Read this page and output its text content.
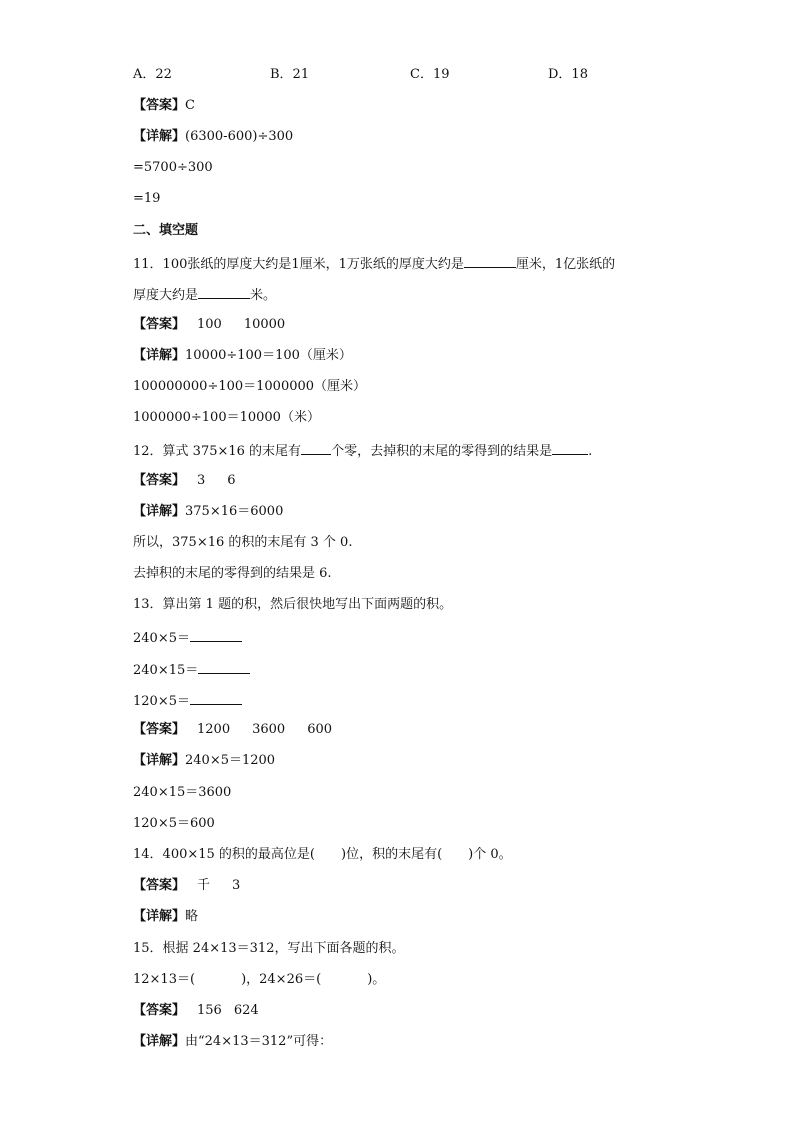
A．22	B．21	C．19	D．18
【答案】C
【详解】(6300-600)÷300
=5700÷300
=19
二、填空题
11．100张纸的厚度大约是1厘米，1万张纸的厚度大约是	厘米，1亿张纸的
厚度大约是	米。
【答案】 100 10000
【详解】10000÷100＝100（厘米）
100000000÷100＝1000000（厘米）
1000000÷100＝10000（米）
12．算式 375×16 的末尾有 个零，去掉积的末尾的零得到的结果是	.
【答案】 3 6
【详解】375×16＝6000
所以，375×16 的积的末尾有 3 个 0.
去掉积的末尾的零得到的结果是 6.
13．算出第 1 题的积，然后很快地写出下面两题的积。
240×5＝
240×15＝
120×5＝
【答案】 1200 3600 600
【详解】240×5＝1200
240×15＝3600
120×5＝600
14．400×15 的积的最高位是( )位，积的末尾有( )个 0。
【答案】 千 3
【详解】略
15．根据 24×13＝312，写出下面各题的积。
12×13＝(	)，24×26＝(	)。
【答案】 156 624
【详解】由“24×13＝312”可得：
